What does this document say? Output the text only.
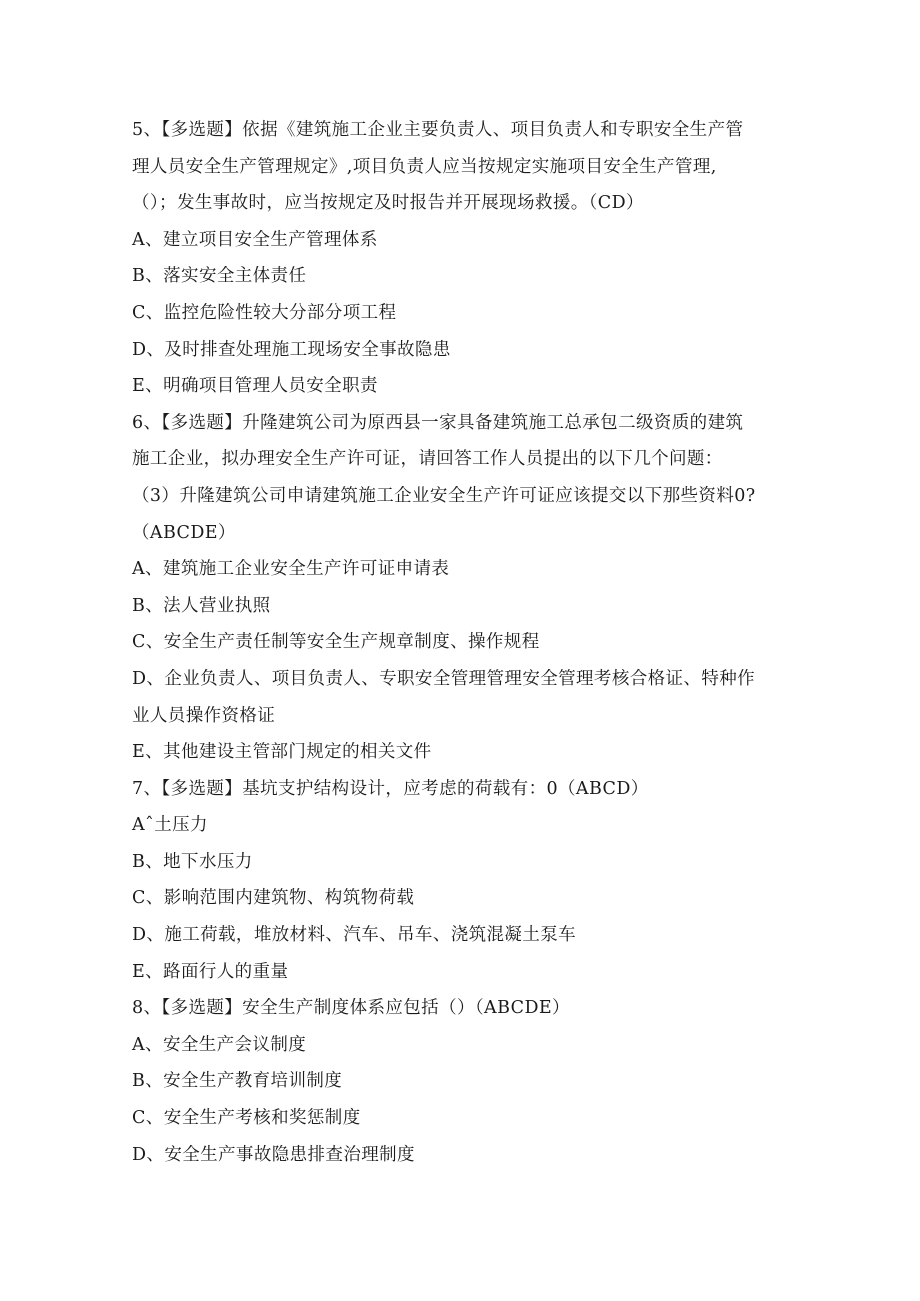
5、【多选题】依据《建筑施工企业主要负责人、项目负责人和专职安全生产管
理人员安全生产管理规定》,项目负责人应当按规定实施项目安全生产管理,
（）；发生事故时，应当按规定及时报告并开展现场救援。（CD）
A、建立项目安全生产管理体系
B、落实安全主体责任
C、监控危险性较大分部分项工程
D、及时排查处理施工现场安全事故隐患
E、明确项目管理人员安全职责
6、【多选题】升隆建筑公司为原西县一家具备建筑施工总承包二级资质的建筑
施工企业，拟办理安全生产许可证，请回答工作人员提出的以下几个问题：
（3）升隆建筑公司申请建筑施工企业安全生产许可证应该提交以下那些资料0?
（ABCDE）
A、建筑施工企业安全生产许可证申请表
B、法人营业执照
C、安全生产责任制等安全生产规章制度、操作规程
D、企业负责人、项目负责人、专职安全管理管理安全管理考核合格证、特种作
业人员操作资格证
E、其他建设主管部门规定的相关文件
7、【多选题】基坑支护结构设计，应考虑的荷载有：0（ABCD）
Aˆ土压力
B、地下水压力
C、影响范围内建筑物、构筑物荷载
D、施工荷载，堆放材料、汽车、吊车、浇筑混凝土泵车
E、路面行人的重量
8、【多选题】安全生产制度体系应包括（）（ABCDE）
A、安全生产会议制度
B、安全生产教育培训制度
C、安全生产考核和奖惩制度
D、安全生产事故隐患排查治理制度
